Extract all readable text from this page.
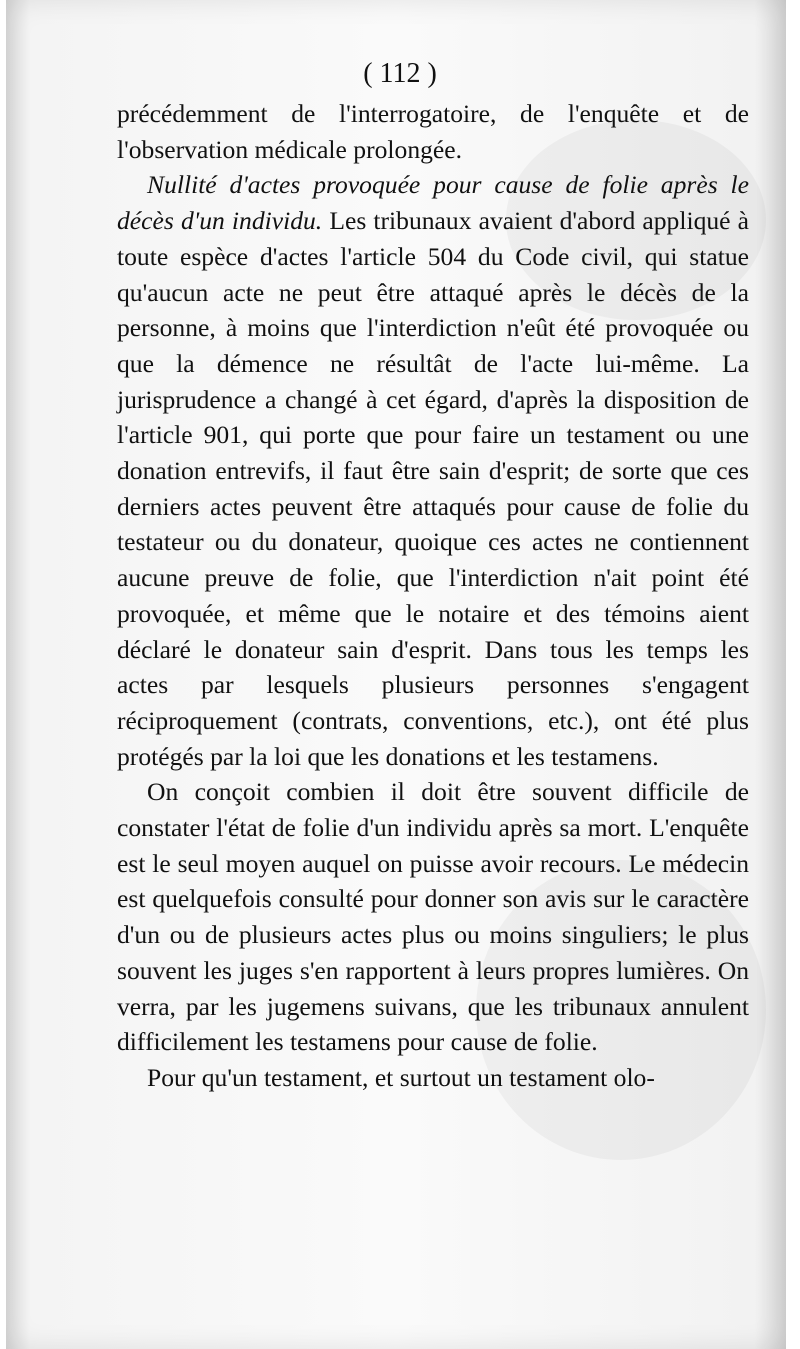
( 112 )

précédemment de l'interrogatoire, de l'enquête et de l'observation médicale prolongée.

Nullité d'actes provoquée pour cause de folie après le décès d'un individu. Les tribunaux avaient d'abord appliqué à toute espèce d'actes l'article 504 du Code civil, qui statue qu'aucun acte ne peut être attaqué après le décès de la personne, à moins que l'interdiction n'eût été provoquée ou que la démence ne résultât de l'acte lui-même. La jurisprudence a changé à cet égard, d'après la disposition de l'article 901, qui porte que pour faire un testament ou une donation entrevifs, il faut être sain d'esprit; de sorte que ces derniers actes peuvent être attaqués pour cause de folie du testateur ou du donateur, quoique ces actes ne contiennent aucune preuve de folie, que l'interdiction n'ait point été provoquée, et même que le notaire et des témoins aient déclaré le donateur sain d'esprit. Dans tous les temps les actes par lesquels plusieurs personnes s'engagent réciproquement (contrats, conventions, etc.), ont été plus protégés par la loi que les donations et les testamens.

On conçoit combien il doit être souvent difficile de constater l'état de folie d'un individu après sa mort. L'enquête est le seul moyen auquel on puisse avoir recours. Le médecin est quelquefois consulté pour donner son avis sur le caractère d'un ou de plusieurs actes plus ou moins singuliers; le plus souvent les juges s'en rapportent à leurs propres lumières. On verra, par les jugemens suivans, que les tribunaux annulent difficilement les testamens pour cause de folie.

Pour qu'un testament, et surtout un testament olo-
